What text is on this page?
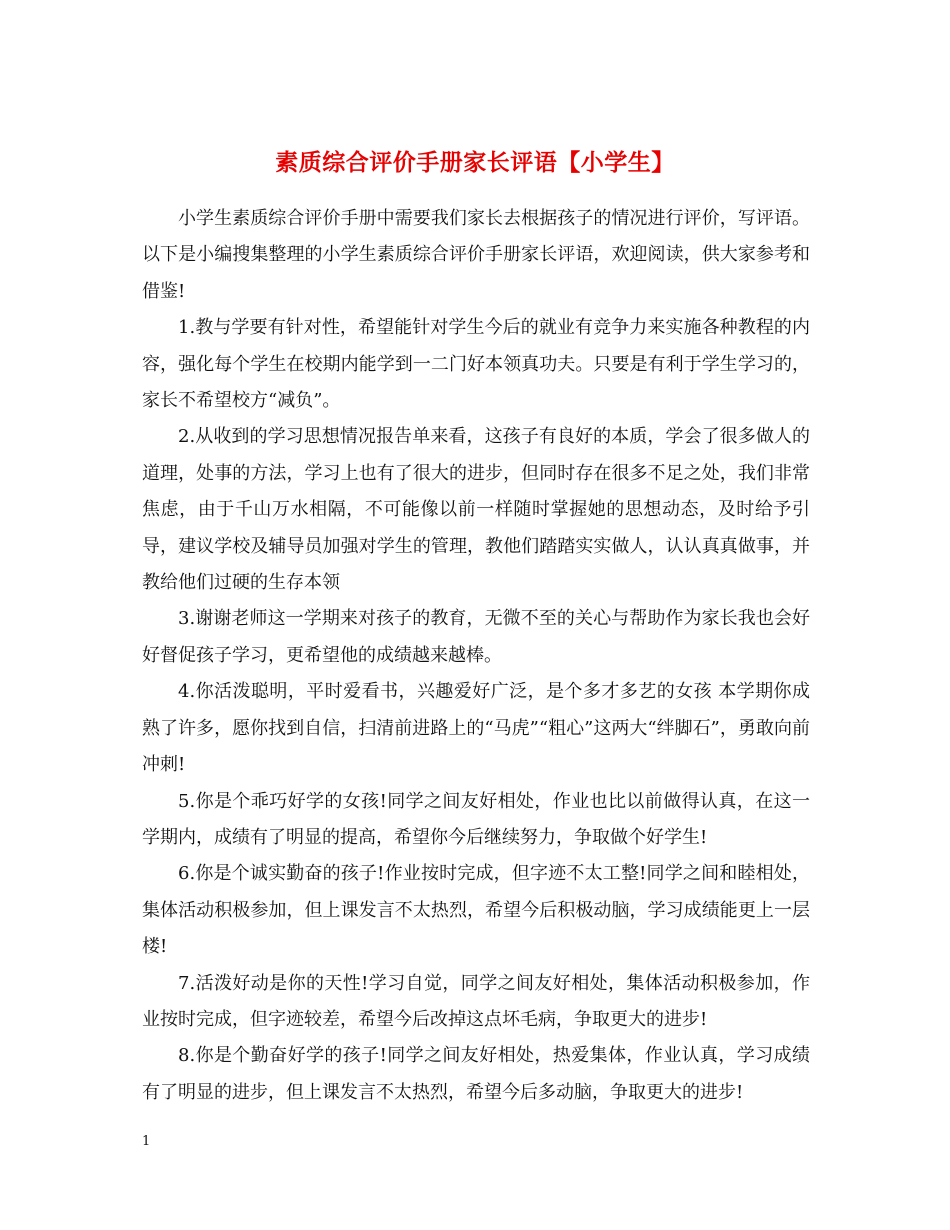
素质综合评价手册家长评语【小学生】

小学生素质综合评价手册中需要我们家长去根据孩子的情况进行评价，写评语。以下是小编搜集整理的小学生素质综合评价手册家长评语，欢迎阅读，供大家参考和借鉴!

1.教与学要有针对性，希望能针对学生今后的就业有竞争力来实施各种教程的内容，强化每个学生在校期内能学到一二门好本领真功夫。只要是有利于学生学习的，家长不希望校方“减负”。

2.从收到的学习思想情况报告单来看，这孩子有良好的本质，学会了很多做人的道理，处事的方法，学习上也有了很大的进步，但同时存在很多不足之处，我们非常焦虑，由于千山万水相隔，不可能像以前一样随时掌握她的思想动态，及时给予引导，建议学校及辅导员加强对学生的管理，教他们踏踏实实做人，认认真真做事，并教给他们过硬的生存本领

3.谢谢老师这一学期来对孩子的教育，无微不至的关心与帮助作为家长我也会好好督促孩子学习，更希望他的成绩越来越棒。

4.你活泼聪明，平时爱看书，兴趣爱好广泛，是个多才多艺的女孩 本学期你成熟了许多，愿你找到自信，扫清前进路上的“马虎”“粗心”这两大“绊脚石”，勇敢向前冲刺!

5.你是个乖巧好学的女孩!同学之间友好相处，作业也比以前做得认真，在这一学期内，成绩有了明显的提高，希望你今后继续努力，争取做个好学生!

6.你是个诚实勤奋的孩子!作业按时完成，但字迹不太工整!同学之间和睦相处，集体活动积极参加，但上课发言不太热烈，希望今后积极动脑，学习成绩能更上一层楼!

7.活泼好动是你的天性!学习自觉，同学之间友好相处，集体活动积极参加，作业按时完成，但字迹较差，希望今后改掉这点坏毛病，争取更大的进步!

8.你是个勤奋好学的孩子!同学之间友好相处，热爱集体，作业认真，学习成绩有了明显的进步，但上课发言不太热烈，希望今后多动脑，争取更大的进步!

1
